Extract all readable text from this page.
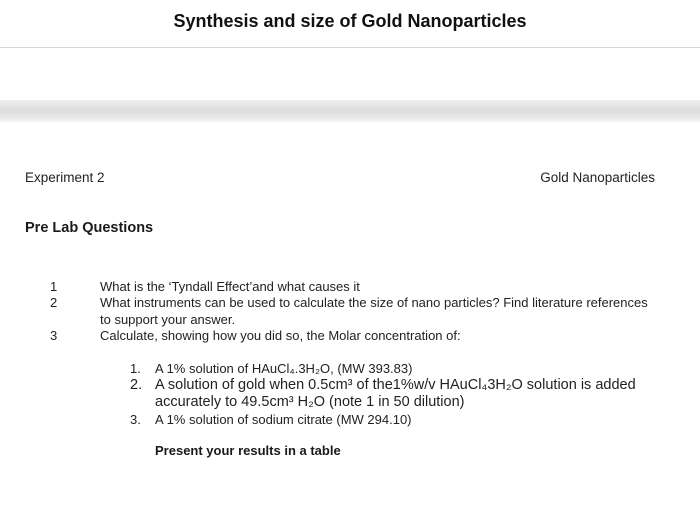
Synthesis and size of Gold Nanoparticles
Experiment 2	Gold Nanoparticles
Pre Lab Questions
1	What is the ‘Tyndall Effect’and what causes it
2	What instruments can be used to calculate the size of nano particles? Find literature references to support your answer.
3	Calculate, showing how you did so, the Molar concentration of:
1. A 1% solution of HAuCl₄.3H₂O, (MW 393.83)
2. A solution of gold when 0.5cm³ of the1%w/v HAuCl₄3H₂O solution is added accurately to 49.5cm³ H₂O (note 1 in 50 dilution)
3. A 1% solution of sodium citrate (MW 294.10)
Present your results in a table
